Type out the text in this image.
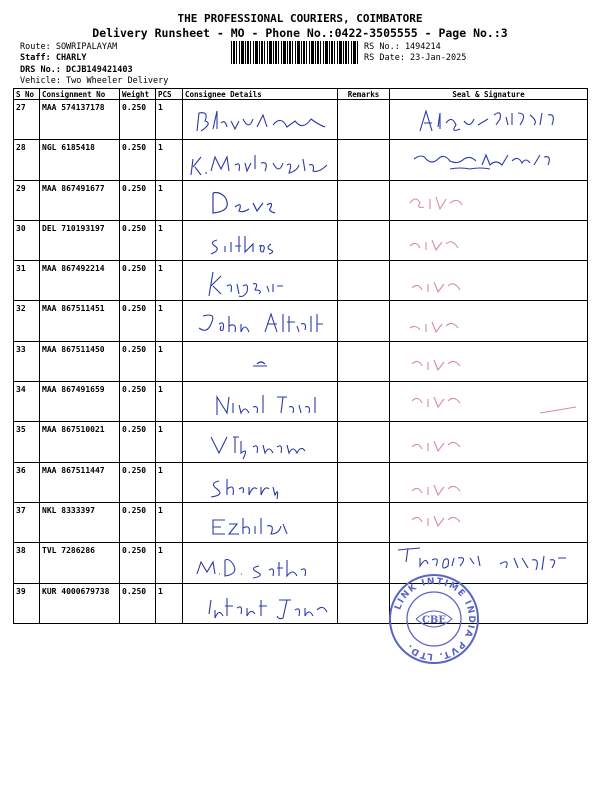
THE PROFESSIONAL COURIERS, COIMBATORE
Delivery Runsheet - MO - Phone No.:0422-3505555 - Page No.:3
Route: SOWRIPALAYAM
Staff: CHARLY
DRS No.: DCJB149421403
Vehicle: Two Wheeler Delivery
RS No.: 1494214
RS Date: 23-Jan-2025
S No	Consignment No	Weight	PCS	Consignee Details	Remarks	Seal & Signature

27	MAA 574137178	0.250	1

28	NGL 6185418	0.250	1

29	MAA 867491677	0.250	1

30	DEL 710193197	0.250	1

31	MAA 867492214	0.250	1

32	MAA 867511451	0.250	1

33	MAA 867511450	0.250	1

34	MAA 867491659	0.250	1

35	MAA 867510021	0.250	1

36	MAA 867511447	0.250	1

37	NKL 8333397	0.250	1

38	TVL 7286286	0.250	1

39	KUR 4000679738	0.250	1

LINK INTIME INDIA PVT. LTD.
CBE
